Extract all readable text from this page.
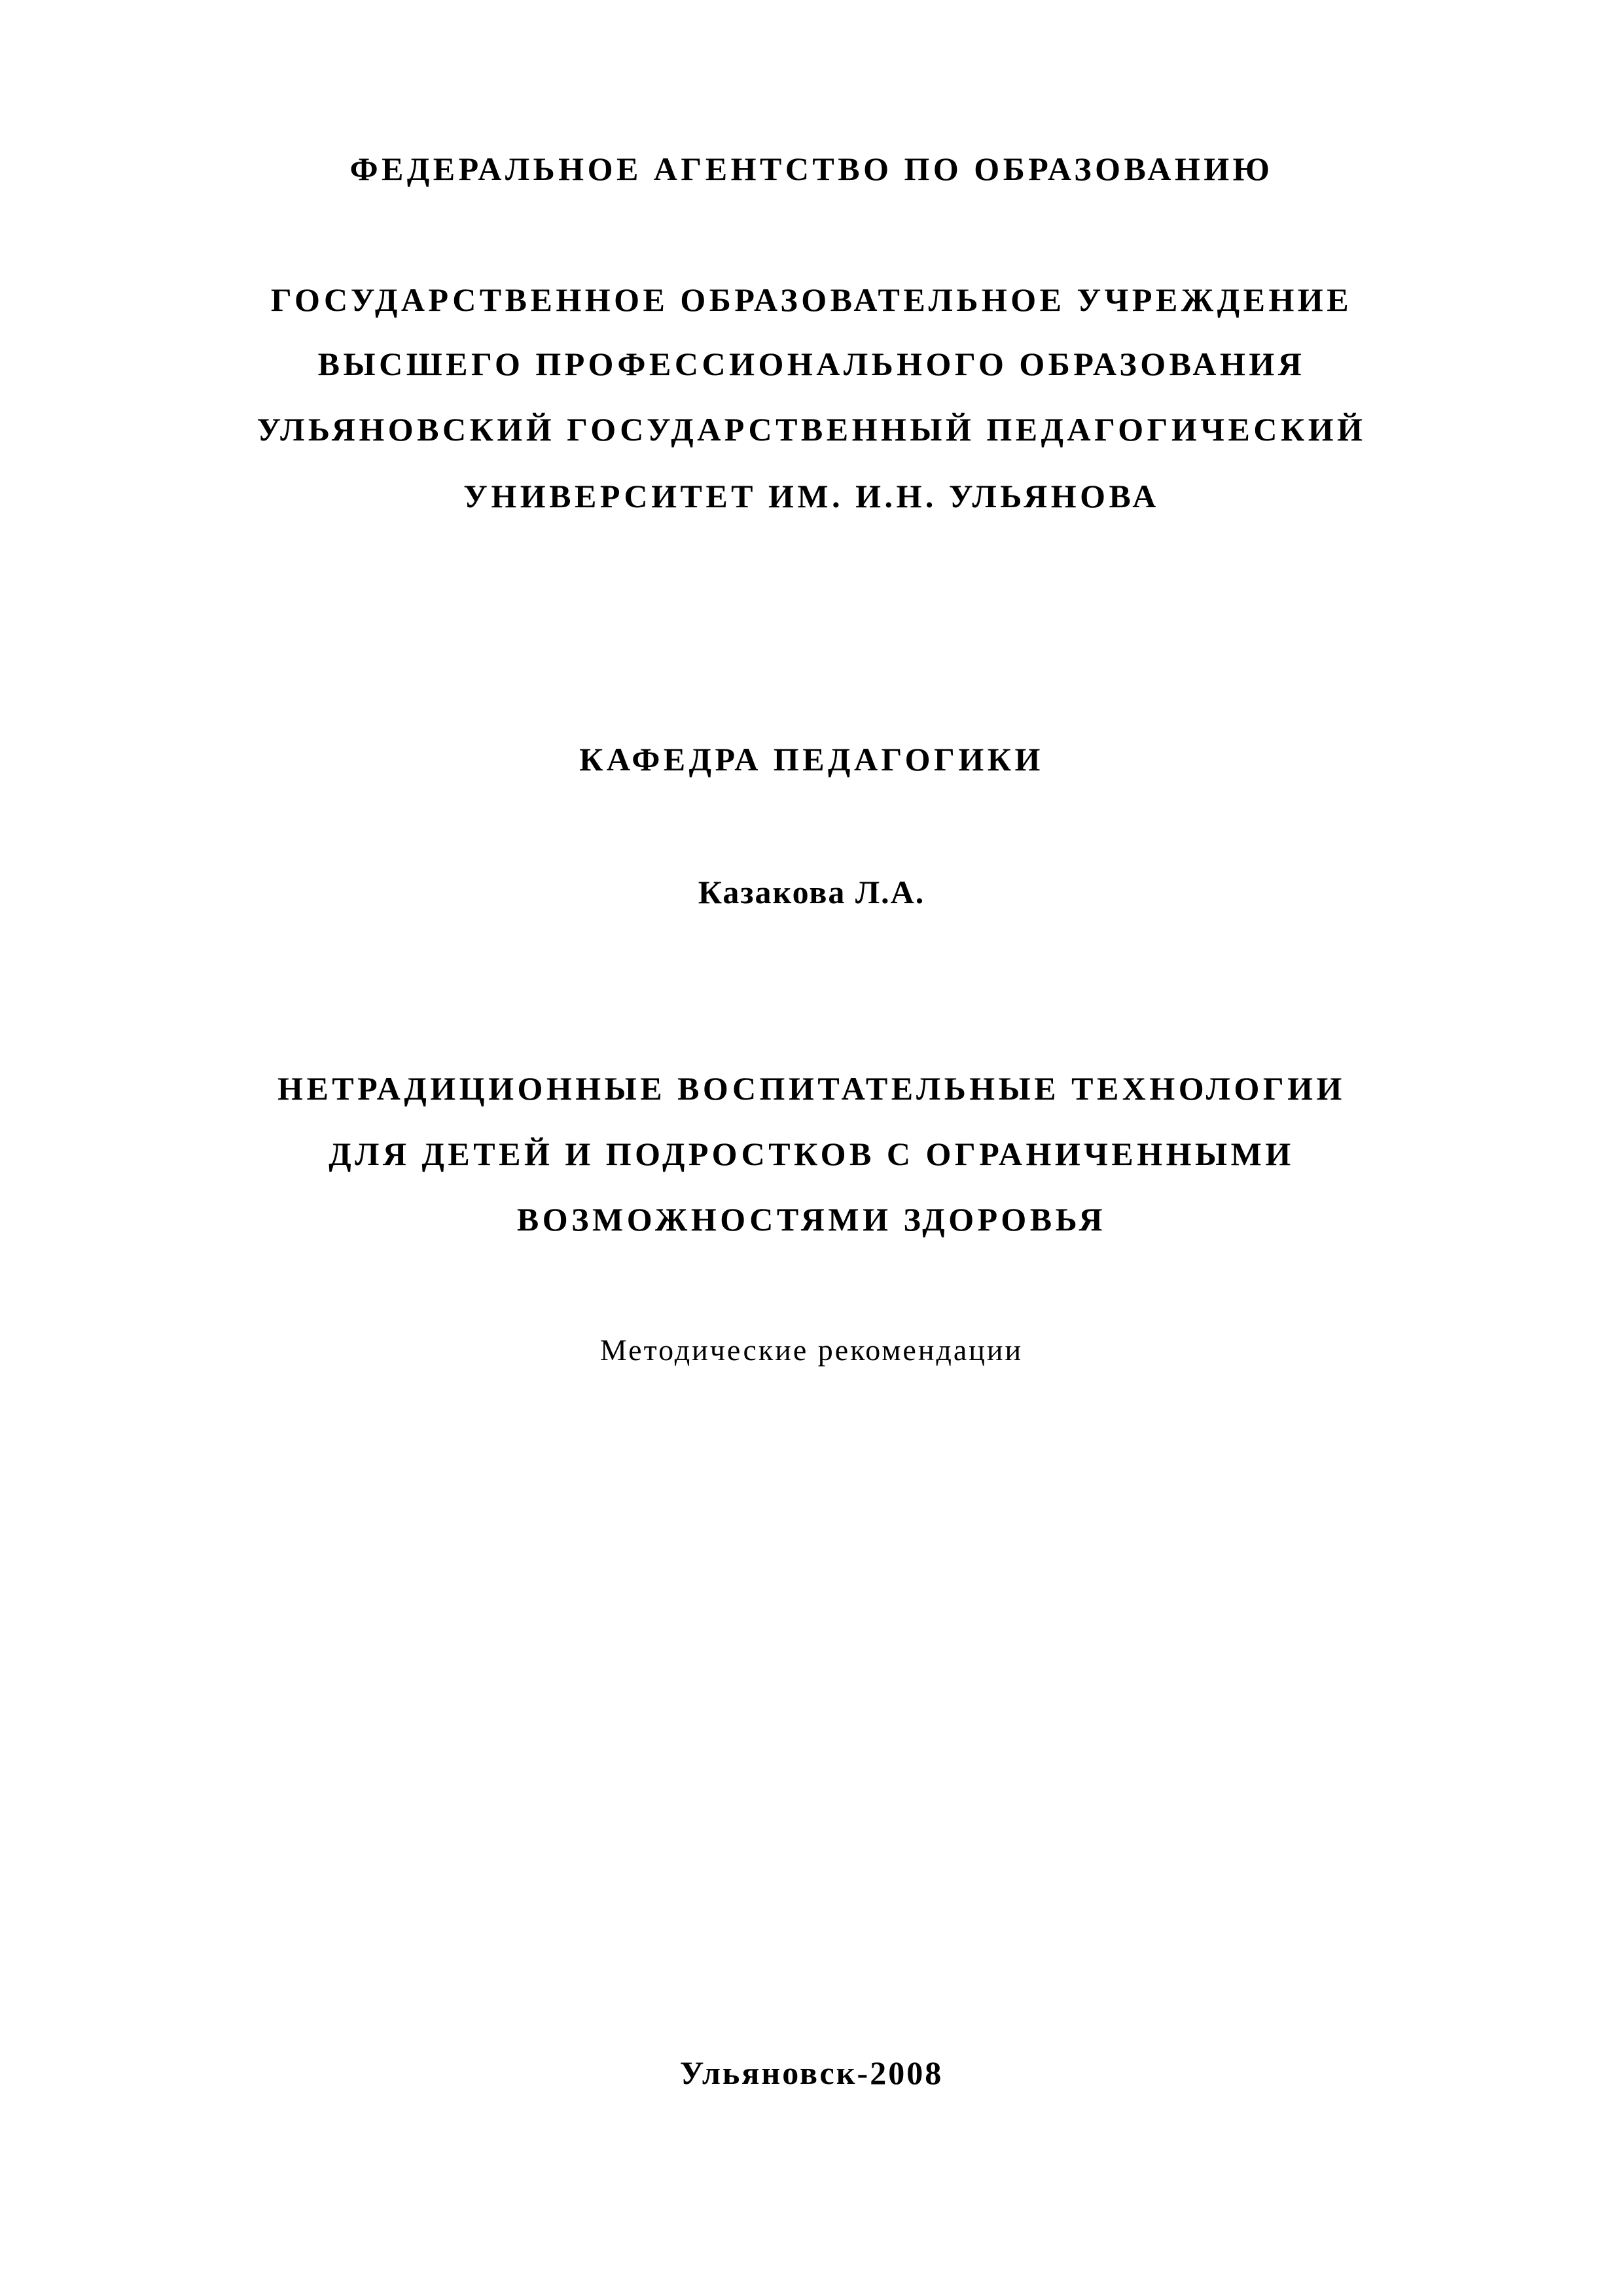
ФЕДЕРАЛЬНОЕ АГЕНТСТВО ПО ОБРАЗОВАНИЮ
ГОСУДАРСТВЕННОЕ ОБРАЗОВАТЕЛЬНОЕ УЧРЕЖДЕНИЕ
ВЫСШЕГО ПРОФЕССИОНАЛЬНОГО ОБРАЗОВАНИЯ
УЛЬЯНОВСКИЙ ГОСУДАРСТВЕННЫЙ ПЕДАГОГИЧЕСКИЙ
УНИВЕРСИТЕТ ИМ. И.Н. УЛЬЯНОВА
КАФЕДРА ПЕДАГОГИКИ
Казакова Л.А.
НЕТРАДИЦИОННЫЕ ВОСПИТАТЕЛЬНЫЕ ТЕХНОЛОГИИ
ДЛЯ ДЕТЕЙ И ПОДРОСТКОВ С ОГРАНИЧЕННЫМИ
ВОЗМОЖНОСТЯМИ ЗДОРОВЬЯ
Методические рекомендации
Ульяновск-2008
